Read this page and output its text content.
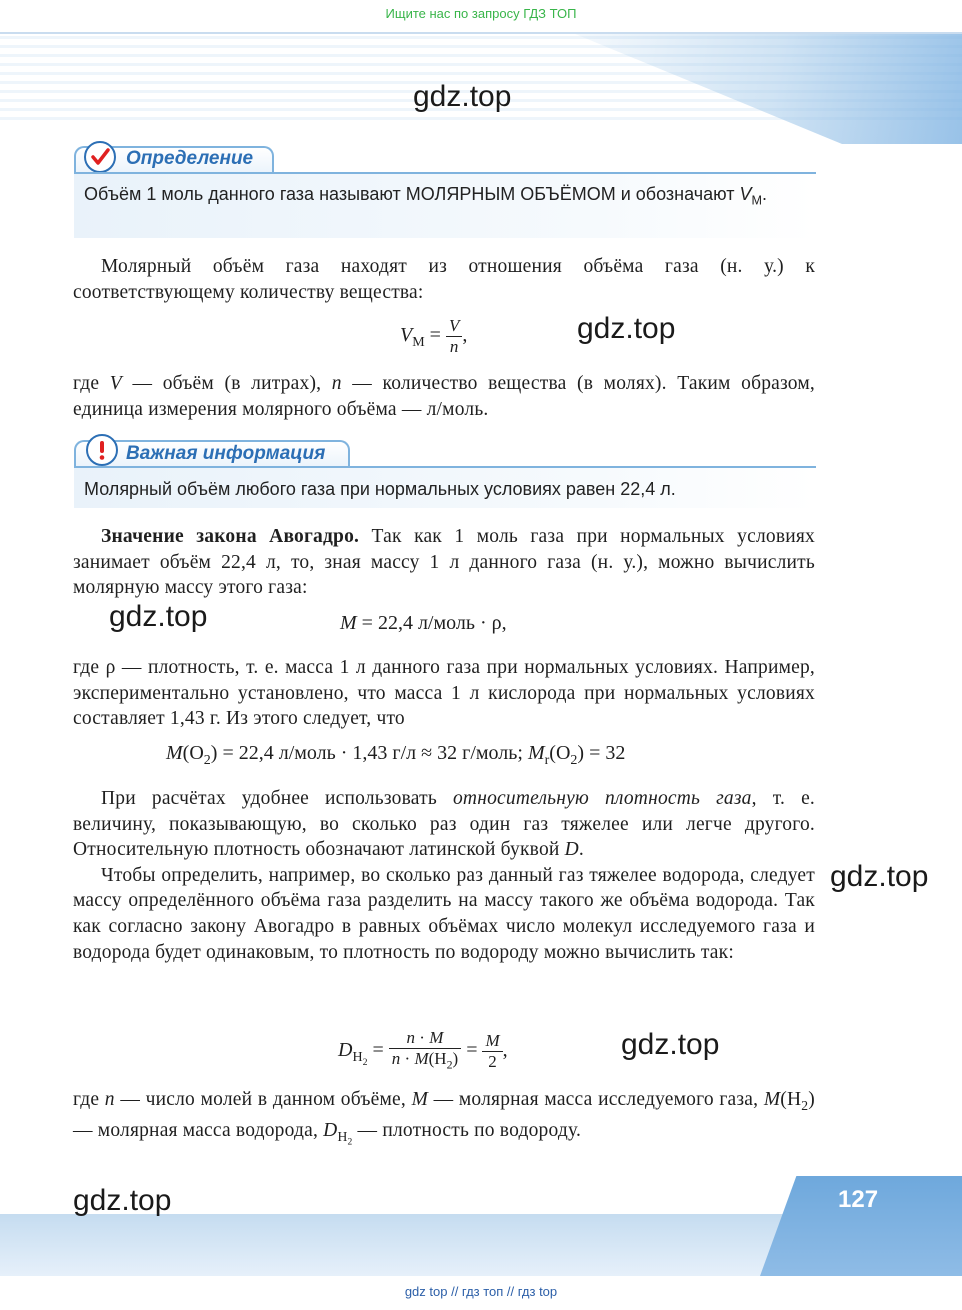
Ищите нас по запросу ГДЗ ТОП
gdz.top
Определение
Объём 1 моль данного газа называют МОЛЯРНЫМ ОБЪЁМОМ и обозначают $V_М$.
Молярный объём газа находят из отношения объёма газа (н. у.) к соответствующему количеству вещества:
$V_М = \frac{V}{n}$ ,	gdz.top
где V — объём (в литрах), n — количество вещества (в молях). Таким образом, единица измерения молярного объёма — л/моль.
Важная информация
Молярный объём любого газа при нормальных условиях равен 22,4 л.
Значение закона Авогадро. Так как 1 моль газа при нормальных условиях занимает объём 22,4 л, то, зная массу 1 л данного газа (н. у.), можно вычислить молярную массу этого газа:
gdz.top	M = 22,4 л/моль · ρ,
где ρ — плотность, т. е. масса 1 л данного газа при нормальных условиях. Например, экспериментально установлено, что масса 1 л кислорода при нормальных условиях составляет 1,43 г. Из этого следует, что
$M(O_2) = 22,4$ л/моль · 1,43 г/л ≈ 32 г/моль; $M_r(O_2) = 32$
При расчётах удобнее использовать относительную плотность газа, т. е. величину, показывающую, во сколько раз один газ тяжелее или легче другого. Относительную плотность обозначают латинской буквой D.
Чтобы определить, например, во сколько раз данный газ тяжелее водорода, следует массу определённого объёма газа разделить на массу такого же объёма водорода. Так как согласно закону Авогадро в равных объёмах число молекул исследуемого газа и водорода будет одинаковым, то плотность по водороду можно вычислить так:
gdz.top
$D_{H_2} = \frac{n \cdot M}{n \cdot M(H_2)} = \frac{M}{2}$ ,	gdz.top
где n — число молей в данном объёме, M — молярная масса исследуемого газа, $M(H_2)$ — молярная масса водорода, $D_{H_2}$ — плотность по водороду.
127
gdz.top
gdz top // гдз топ // гдз top
